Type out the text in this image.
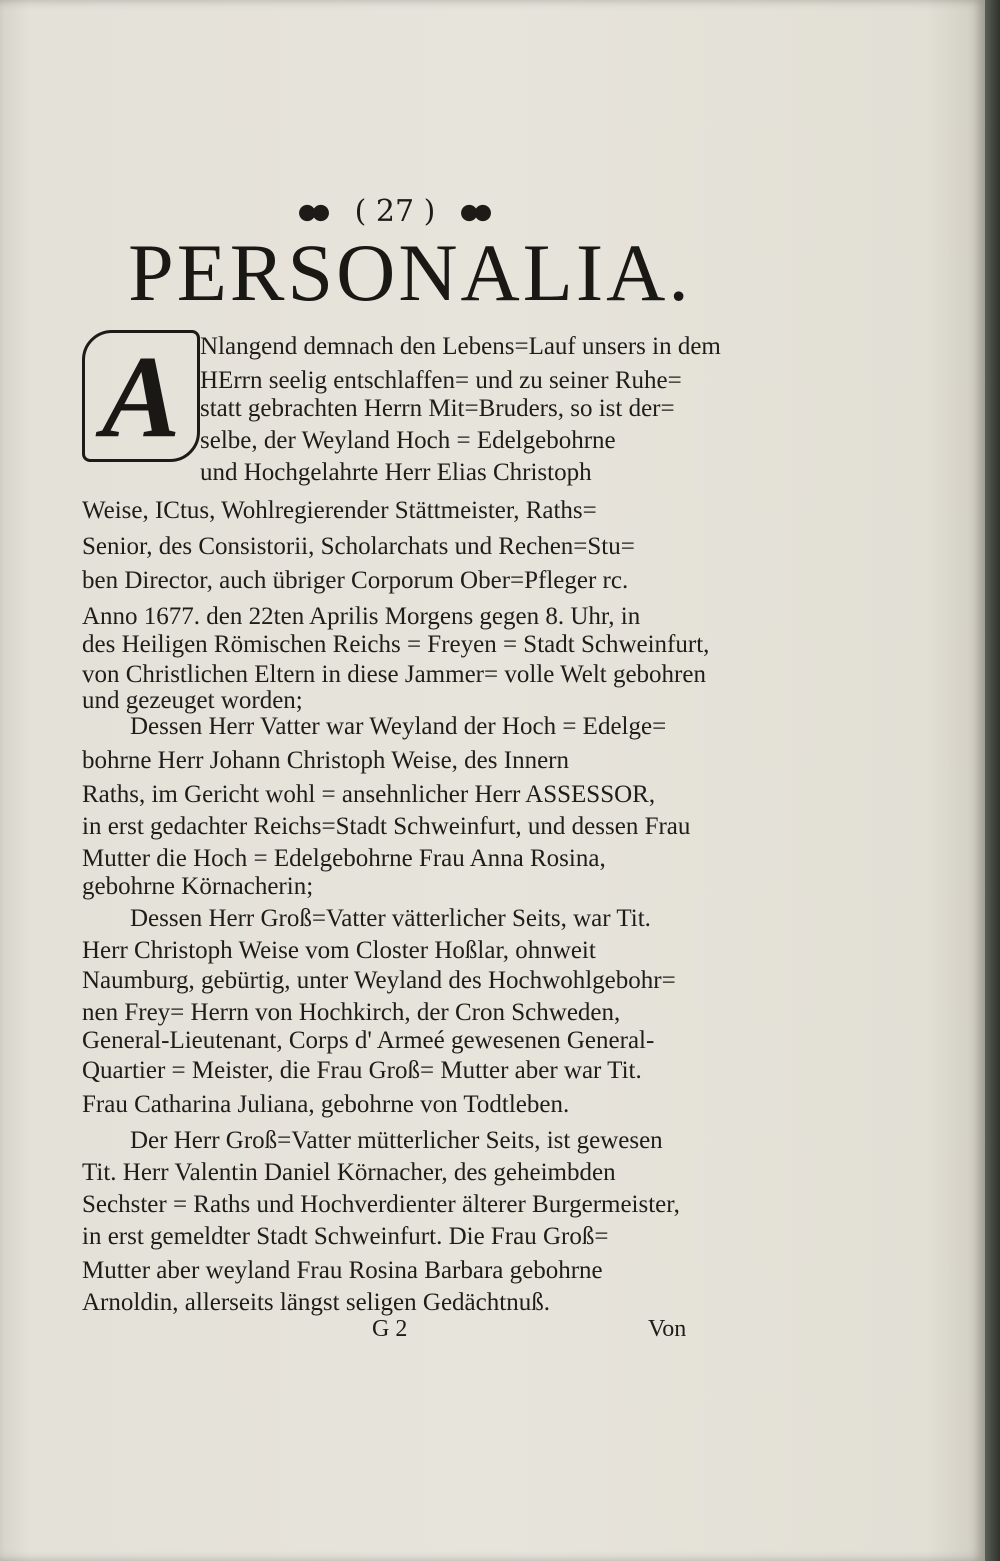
( 27 )
PERSONALIA.
A Nlangend demnach den Lebens=Lauf unsers in dem
HErrn seelig entschlaffen= und zu seiner Ruhe=
statt gebrachten Herrn Mit=Bruders, so ist der=
selbe, der Weyland Hoch = Edelgebohrne
und Hochgelahrte Herr Elias Christoph
Weise, ICtus, Wohlregierender Stättmeister, Raths=
Senior, des Consistorii, Scholarchats und Rechen=Stu=
ben Director, auch übriger Corporum Ober=Pfleger rc.
Anno 1677. den 22ten Aprilis Morgens gegen 8. Uhr, in
des Heiligen Römischen Reichs = Freyen = Stadt Schweinfurt,
von Christlichen Eltern in diese Jammer= volle Welt gebohren
und gezeuget worden;
Dessen Herr Vatter war Weyland der Hoch = Edelge=
bohrne Herr Johann Christoph Weise, des Innern
Raths, im Gericht wohl = ansehnlicher Herr ASSESSOR,
in erst gedachter Reichs=Stadt Schweinfurt, und dessen Frau
Mutter die Hoch = Edelgebohrne Frau Anna Rosina,
gebohrne Körnacherin;
Dessen Herr Groß=Vatter vätterlicher Seits, war Tit.
Herr Christoph Weise vom Closter Hoßlar, ohnweit
Naumburg, gebürtig, unter Weyland des Hochwohlgebohr=
nen Frey= Herrn von Hochkirch, der Cron Schweden,
General-Lieutenant, Corps d' Armeé gewesenen General-
Quartier = Meister, die Frau Groß= Mutter aber war Tit.
Frau Catharina Juliana, gebohrne von Todtleben.
Der Herr Groß=Vatter mütterlicher Seits, ist gewesen
Tit. Herr Valentin Daniel Körnacher, des geheimbden
Sechster = Raths und Hochverdienter älterer Burgermeister,
in erst gemeldter Stadt Schweinfurt. Die Frau Groß=
Mutter aber weyland Frau Rosina Barbara gebohrne
Arnoldin, allerseits längst seligen Gedächtnuß.
G 2	Von
